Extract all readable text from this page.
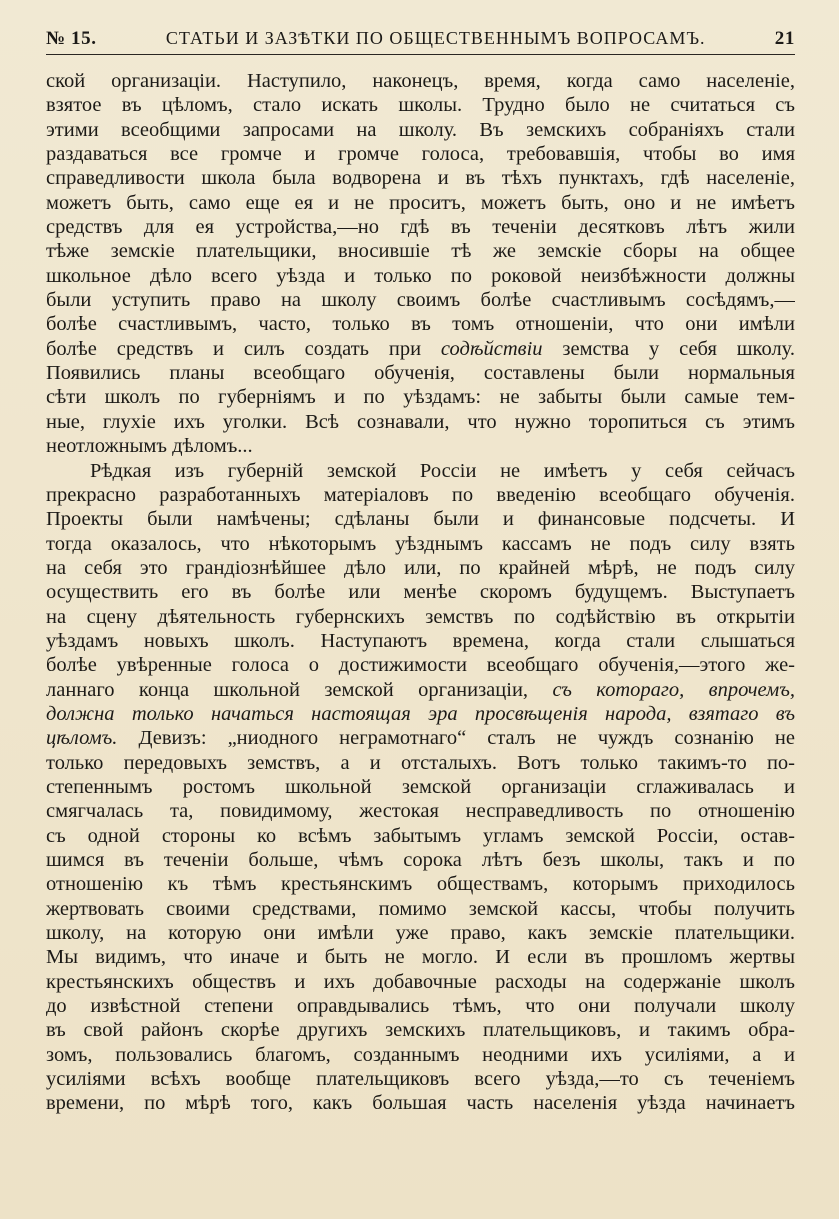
№ 15.	СТАТЬИ И ЗАЗѢТКИ ПО ОБЩЕСТВЕННЫМЪ ВОПРОСАМЪ.	21
ской организаціи. Наступило, наконецъ, время, когда само населеніе,
взятое въ цѣломъ, стало искать школы. Трудно было не считаться съ
этими всеобщими запросами на школу. Въ земскихъ собраніяхъ стали
раздаваться все громче и громче голоса, требовавшія, чтобы во имя
справедливости школа была водворена и въ тѣхъ пунктахъ, гдѣ населеніе,
можетъ быть, само еще ея и не проситъ, можетъ быть, оно и не имѣетъ
средствъ для ея устройства,—но гдѣ въ теченіи десятковъ лѣтъ жили
тѣже земскіе плательщики, вносившіе тѣ же земскіе сборы на общее
школьное дѣло всего уѣзда и только по роковой неизбѣжности должны
были уступить право на школу своимъ болѣе счастливымъ сосѣдямъ,—
болѣе счастливымъ, часто, только въ томъ отношеніи, что они имѣли
болѣе средствъ и силъ создать при содѣйствіи земства у себя школу.
Появились планы всеобщаго обученія, составлены были нормальныя
сѣти школъ по губерніямъ и по уѣздамъ: не забыты были самые тем-
ные, глухіе ихъ уголки. Всѣ сознавали, что нужно торопиться съ этимъ
неотложнымъ дѣломъ...
Рѣдкая изъ губерній земской Россіи не имѣетъ у себя сейчасъ
прекрасно разработанныхъ матеріаловъ по введенію всеобщаго обученія.
Проекты были намѣчены; сдѣланы были и финансовые подсчеты. И
тогда оказалось, что нѣкоторымъ уѣзднымъ кассамъ не подъ силу взять
на себя это грандіознѣйшее дѣло или, по крайней мѣрѣ, не подъ силу
осуществить его въ болѣе или менѣе скоромъ будущемъ. Выступаетъ
на сцену дѣятельность губернскихъ земствъ по содѣйствію въ открытіи
уѣздамъ новыхъ школъ. Наступаютъ времена, когда стали слышаться
болѣе увѣренные голоса о достижимости всеобщаго обученія,—этого же-
ланнаго конца школьной земской организаціи, съ котораго, впрочемъ,
должна только начаться настоящая эра просвѣщенія народа, взятаго въ
цѣломъ. Девизъ: „ниодного неграмотнаго“ сталъ не чуждъ сознанію не
только передовыхъ земствъ, а и отсталыхъ. Вотъ только такимъ-то по-
степеннымъ ростомъ школьной земской организаціи сглаживалась и
смягчалась та, повидимому, жестокая несправедливость по отношенію
съ одной стороны ко всѣмъ забытымъ угламъ земской Россіи, остав-
шимся въ теченіи больше, чѣмъ сорока лѣтъ безъ школы, такъ и по
отношенію къ тѣмъ крестьянскимъ обществамъ, которымъ приходилось
жертвовать своими средствами, помимо земской кассы, чтобы получить
школу, на которую они имѣли уже право, какъ земскіе плательщики.
Мы видимъ, что иначе и быть не могло. И если въ прошломъ жертвы
крестьянскихъ обществъ и ихъ добавочные расходы на содержаніе школъ
до извѣстной степени оправдывались тѣмъ, что они получали школу
въ свой районъ скорѣе другихъ земскихъ плательщиковъ, и такимъ обра-
зомъ, пользовались благомъ, созданнымъ неодними ихъ усиліями, а и
усиліями всѣхъ вообще плательщиковъ всего уѣзда,—то съ теченіемъ
времени, по мѣрѣ того, какъ большая часть населенія уѣзда начинаетъ
